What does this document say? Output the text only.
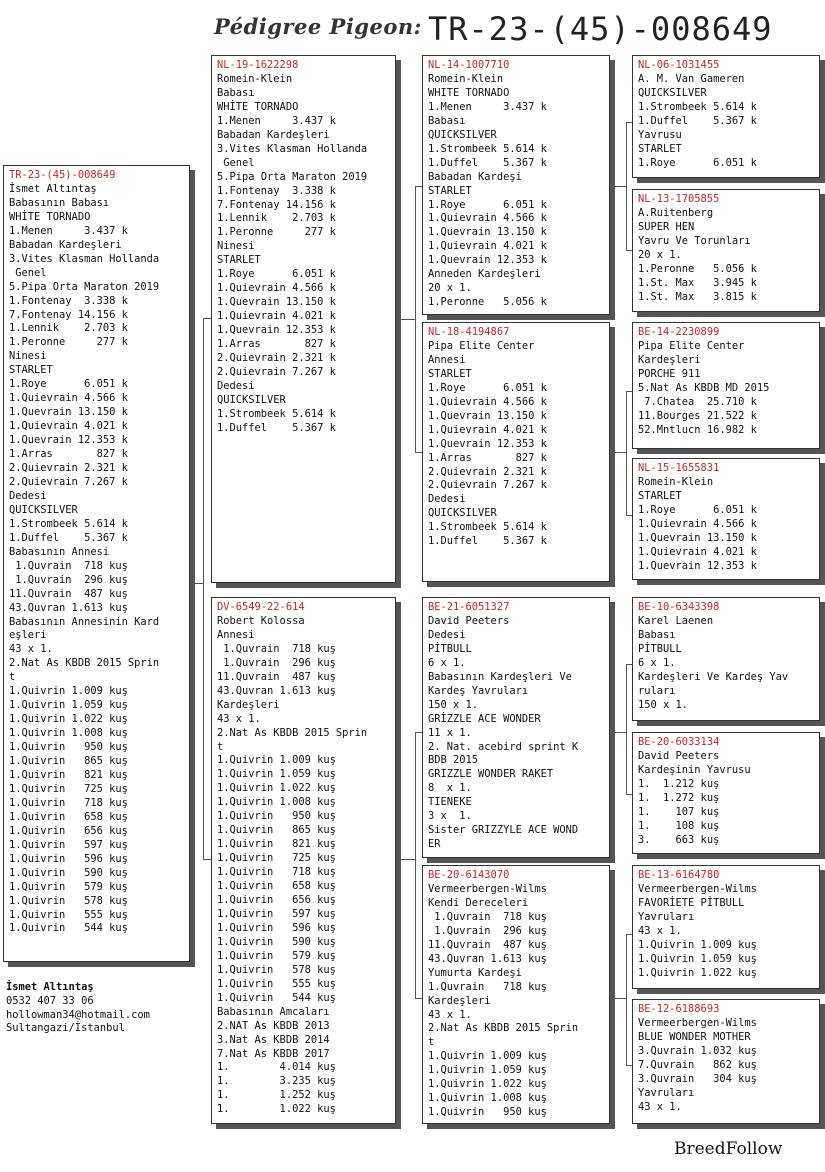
Pédigree Pigeon: TR-23-(45)-008649
TR-23-(45)-008649
İsmet Altıntaş
Babasının Babası
WHİTE TORNADO
1.Menen     3.437 k
Babadan Kardeşleri
3.Vites Klasman Hollanda
Genel
5.Pipa Orta Maraton 2019
1.Fontenay  3.338 k
7.Fontenay 14.156 k
1.Lennik    2.703 k
1.Peronne     277 k
Ninesi
STARLET
1.Roye      6.051 k
1.Quievrain 4.566 k
1.Quevrain 13.150 k
1.Quievrain 4.021 k
1.Quevrain 12.353 k
1.Arras       827 k
2.Quievrain 2.321 k
2.Quievrain 7.267 k
Dedesi
QUICKSILVER
1.Strombeek 5.614 k
1.Duffel    5.367 k
Babasının Annesi
1.Quvrain  718 kuş
1.Quvrain  296 kuş
11.Quvrain  487 kuş
43.Quvran 1.613 kuş
Babasının Annesinin Kard
eşleri
43 x 1.
2.Nat As KBDB 2015 Sprin
t
1.Quivrin 1.009 kuş
1.Quivrin 1.059 kuş
1.Quivrin 1.022 kuş
1.Quivrin 1.008 kuş
1.Quivrin   950 kuş
1.Quivrin   865 kuş
1.Quivrin   821 kuş
1.Quivrin   725 kuş
1.Quivrin   718 kuş
1.Quivrin   658 kuş
1.Quivrin   656 kuş
1.Quivrin   597 kuş
1.Quivrin   596 kuş
1.Quivrin   590 kuş
1.Quivrin   579 kuş
1.Quivrin   578 kuş
1.Quivrin   555 kuş
1.Quivrin   544 kuş
NL-19-1622298
Romein-Klein
Babası
WHİTE TORNADO
1.Menen     3.437 k
Babadan Kardeşleri
3.Vites Klasman Hollanda
Genel
5.Pipa Orta Maraton 2019
1.Fontenay  3.338 k
7.Fontenay 14.156 k
1.Lennik    2.703 k
1.Peronne     277 k
Ninesi
STARLET
1.Roye      6.051 k
1.Quievrain 4.566 k
1.Quevrain 13.150 k
1.Quievrain 4.021 k
1.Quevrain 12.353 k
1.Arras       827 k
2.Quievrain 2.321 k
2.Quievrain 7.267 k
Dedesi
QUICKSILVER
1.Strombeek 5.614 k
1.Duffel    5.367 k
DV-6549-22-614
Robert Kolossa
Annesi
1.Quvrain  718 kuş
1.Quvrain  296 kuş
11.Quvrain  487 kuş
43.Quvran 1.613 kuş
Kardeşleri
43 x 1.
2.Nat As KBDB 2015 Sprin
t
1.Quivrin 1.009 kuş
1.Quivrin 1.059 kuş
1.Quivrin 1.022 kuş
1.Quivrin 1.008 kuş
1.Quivrin   950 kuş
1.Quivrin   865 kuş
1.Quivrin   821 kuş
1.Quivrin   725 kuş
1.Quivrin   718 kuş
1.Quivrin   658 kuş
1.Quivrin   656 kuş
1.Quivrin   597 kuş
1.Quivrin   596 kuş
1.Quivrin   590 kuş
1.Quivrin   579 kuş
1.Quivrin   578 kuş
1.Quivrin   555 kuş
1.Quivrin   544 kuş
Babasının Amcaları
2.NAT As KBDB 2013
3.Nat As KBDB 2014
7.Nat As KBDB 2017
1.        4.014 kuş
1.        3.235 kuş
1.        1.252 kuş
1.        1.022 kuş
NL-14-1007710
Romein-Klein
WHITE TORNADO
1.Menen     3.437 k
Babası
QUICKSILVER
1.Strombeek 5.614 k
1.Duffel    5.367 k
Babadan Kardeşi
STARLET
1.Roye      6.051 k
1.Quievrain 4.566 k
1.Quevrain 13.150 k
1.Quievrain 4.021 k
1.Quevrain 12.353 k
Anneden Kardeşleri
20 x 1.
1.Peronne   5.056 k
NL-18-4194867
Pipa Elite Center
Annesi
STARLET
1.Roye      6.051 k
1.Quievrain 4.566 k
1.Quevrain 13.150 k
1.Quievrain 4.021 k
1.Quevrain 12.353 k
1.Arras       827 k
2.Quievrain 2.321 k
2.Quievrain 7.267 k
Dedesi
QUICKSILVER
1.Strombeek 5.614 k
1.Duffel    5.367 k
BE-21-6051327
David Peeters
Dedesi
PİTBULL
6 x 1.
Babasının Kardeşleri Ve
Kardeş Yavruları
150 x 1.
GRİZZLE ACE WONDER
11 x 1.
2. Nat. acebird sprint K
BDB 2015
GRIZZLE WONDER RAKET
8  x 1.
TIENEKE
3 x  1.
Sister GRIZZYLE ACE WOND
ER
BE-20-6143070
Vermeerbergen-Wilms
Kendi Dereceleri
1.Quvrain  718 kuş
1.Quvrain  296 kuş
11.Quvrain  487 kuş
43.Quvran 1.613 kuş
Yumurta Kardeşi
1.Quvrain   718 kuş
Kardeşleri
43 x 1.
2.Nat As KBDB 2015 Sprin
t
1.Quivrin 1.009 kuş
1.Quivrin 1.059 kuş
1.Quivrin 1.022 kuş
1.Quivrin 1.008 kuş
1.Quivrin   950 kuş
NL-06-1031455
A. M. Van Gameren
QUICKSILVER
1.Strombeek 5.614 k
1.Duffel    5.367 k
Yavrusu
STARLET
1.Roye      6.051 k
NL-13-1705855
A.Ruitenberg
SUPER HEN
Yavru Ve Torunları
20 x 1.
1.Peronne   5.056 k
1.St. Max   3.945 k
1.St. Max   3.815 k
BE-14-2230899
Pipa Elite Center
Kardeşleri
PORCHE 911
5.Nat As KBDB MD 2015
7.Chatea  25.710 k
11.Bourges 21.522 k
52.Mntlucn 16.982 k
NL-15-1655831
Romein-Klein
STARLET
1.Roye      6.051 k
1.Quievrain 4.566 k
1.Quevrain 13.150 k
1.Quievrain 4.021 k
1.Quevrain 12.353 k
BE-10-6343398
Karel Laenen
Babası
PİTBULL
6 x 1.
Kardeşleri Ve Kardeş Yav
ruları
150 x 1.
BE-20-6033134
David Peeters
Kardeşinin Yavrusu
1.  1.212 kuş
1.  1.272 kuş
1.    107 kuş
1.    108 kuş
3.    663 kuş
BE-13-6164780
Vermeerbergen-Wilms
FAVORİETE PİTBULL
Yavruları
43 x 1.
1.Quivrin 1.009 kuş
1.Quivrin 1.059 kuş
1.Quivrin 1.022 kuş
BE-12-6188693
Vermeerbergen-Wilms
BLUE WONDER MOTHER
3.Quvrain 1.032 kuş
7.Quvrain   862 kuş
3.Quvrain   304 kuş
Yavruları
43 x 1.
İsmet Altıntaş
0532 407 33 06
hollowman34@hotmail.com
Sultangazi/İstanbul
BreedFollow
